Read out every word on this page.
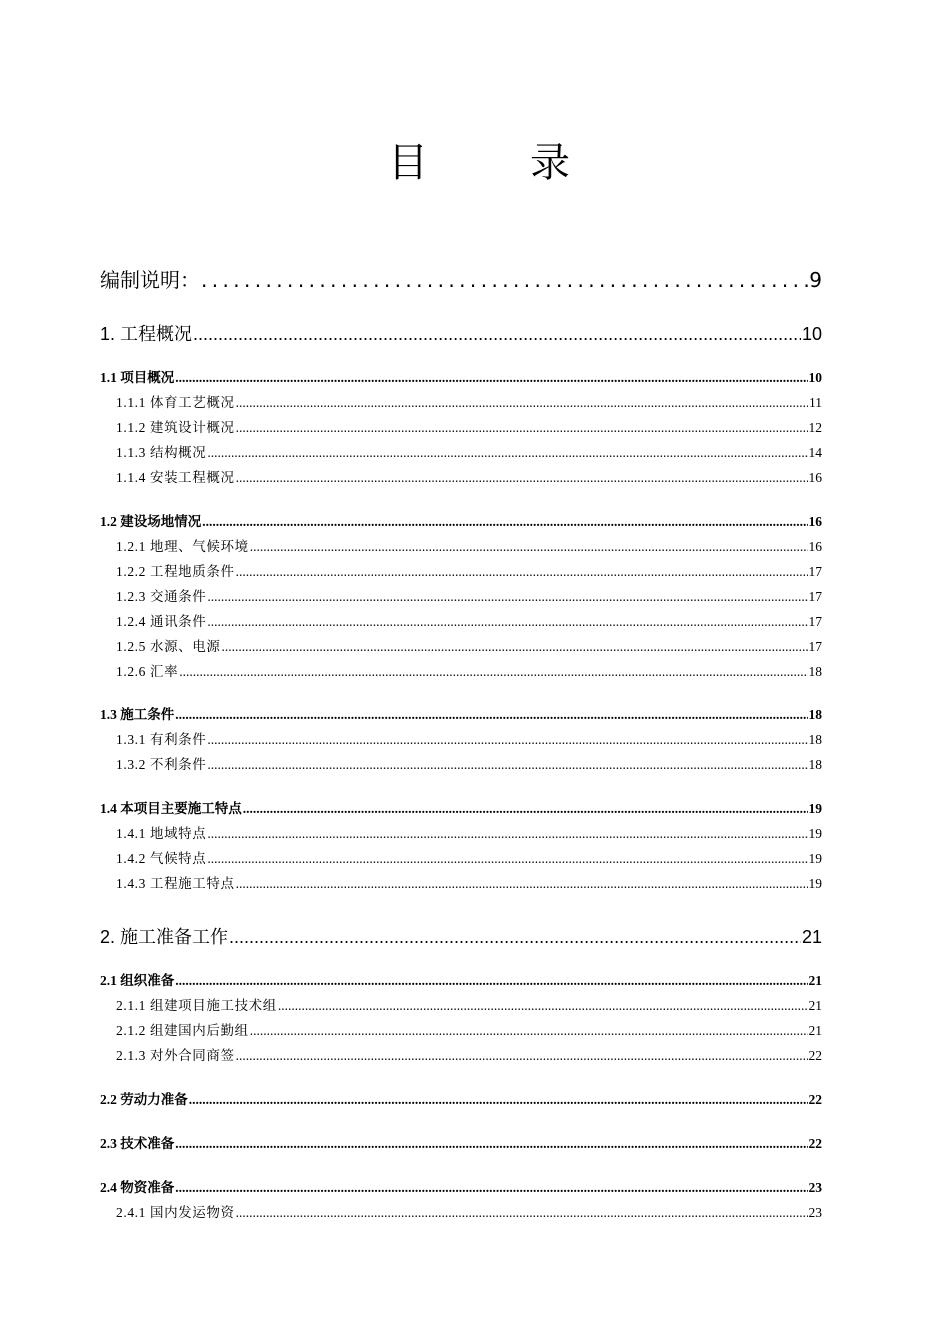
目	录
编制说明： .....	9
1. 工程概况 .....	10
1.1 项目概况 .....	10
1.1.1 体育工艺概况 .....	11
1.1.2 建筑设计概况 .....	12
1.1.3 结构概况 .....	14
1.1.4 安装工程概况 .....	16
1.2 建设场地情况 .....	16
1.2.1 地理、气候环境 .....	16
1.2.2 工程地质条件 .....	17
1.2.3 交通条件 .....	17
1.2.4 通讯条件 .....	17
1.2.5 水源、电源 .....	17
1.2.6 汇率 .....	18
1.3 施工条件 .....	18
1.3.1 有利条件 .....	18
1.3.2 不利条件 .....	18
1.4 本项目主要施工特点 .....	19
1.4.1 地域特点 .....	19
1.4.2 气候特点 .....	19
1.4.3 工程施工特点 .....	19
2. 施工准备工作 .....	21
2.1 组织准备 .....	21
2.1.1 组建项目施工技术组 .....	21
2.1.2 组建国内后勤组 .....	21
2.1.3 对外合同商签 .....	22
2.2 劳动力准备 .....	22
2.3 技术准备 .....	22
2.4 物资准备 .....	23
2.4.1 国内发运物资 .....	23
